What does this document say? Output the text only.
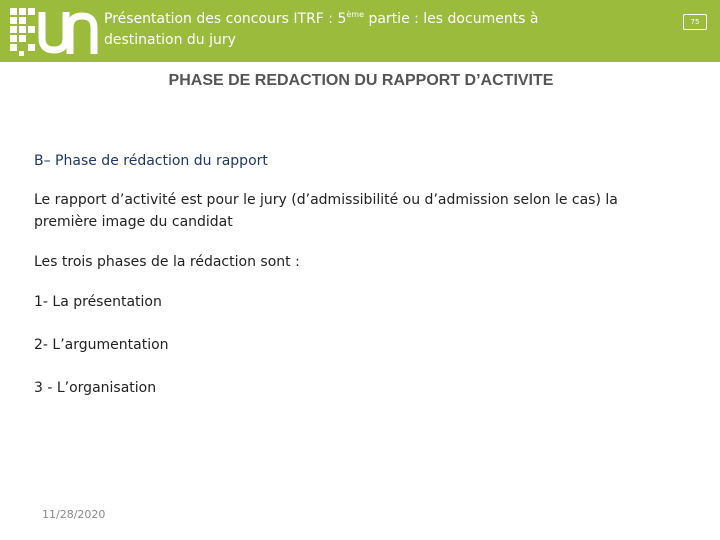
Présentation des concours ITRF : 5ème partie : les documents à destination du jury
75
PHASE DE REDACTION DU RAPPORT D’ACTIVITE
B– Phase de rédaction du rapport
Le rapport d’activité est pour le jury (d’admissibilité ou d’admission selon le cas) la première image du candidat
Les trois phases de la rédaction sont :
1- La présentation
2- L’argumentation
3 - L’organisation
11/28/2020
